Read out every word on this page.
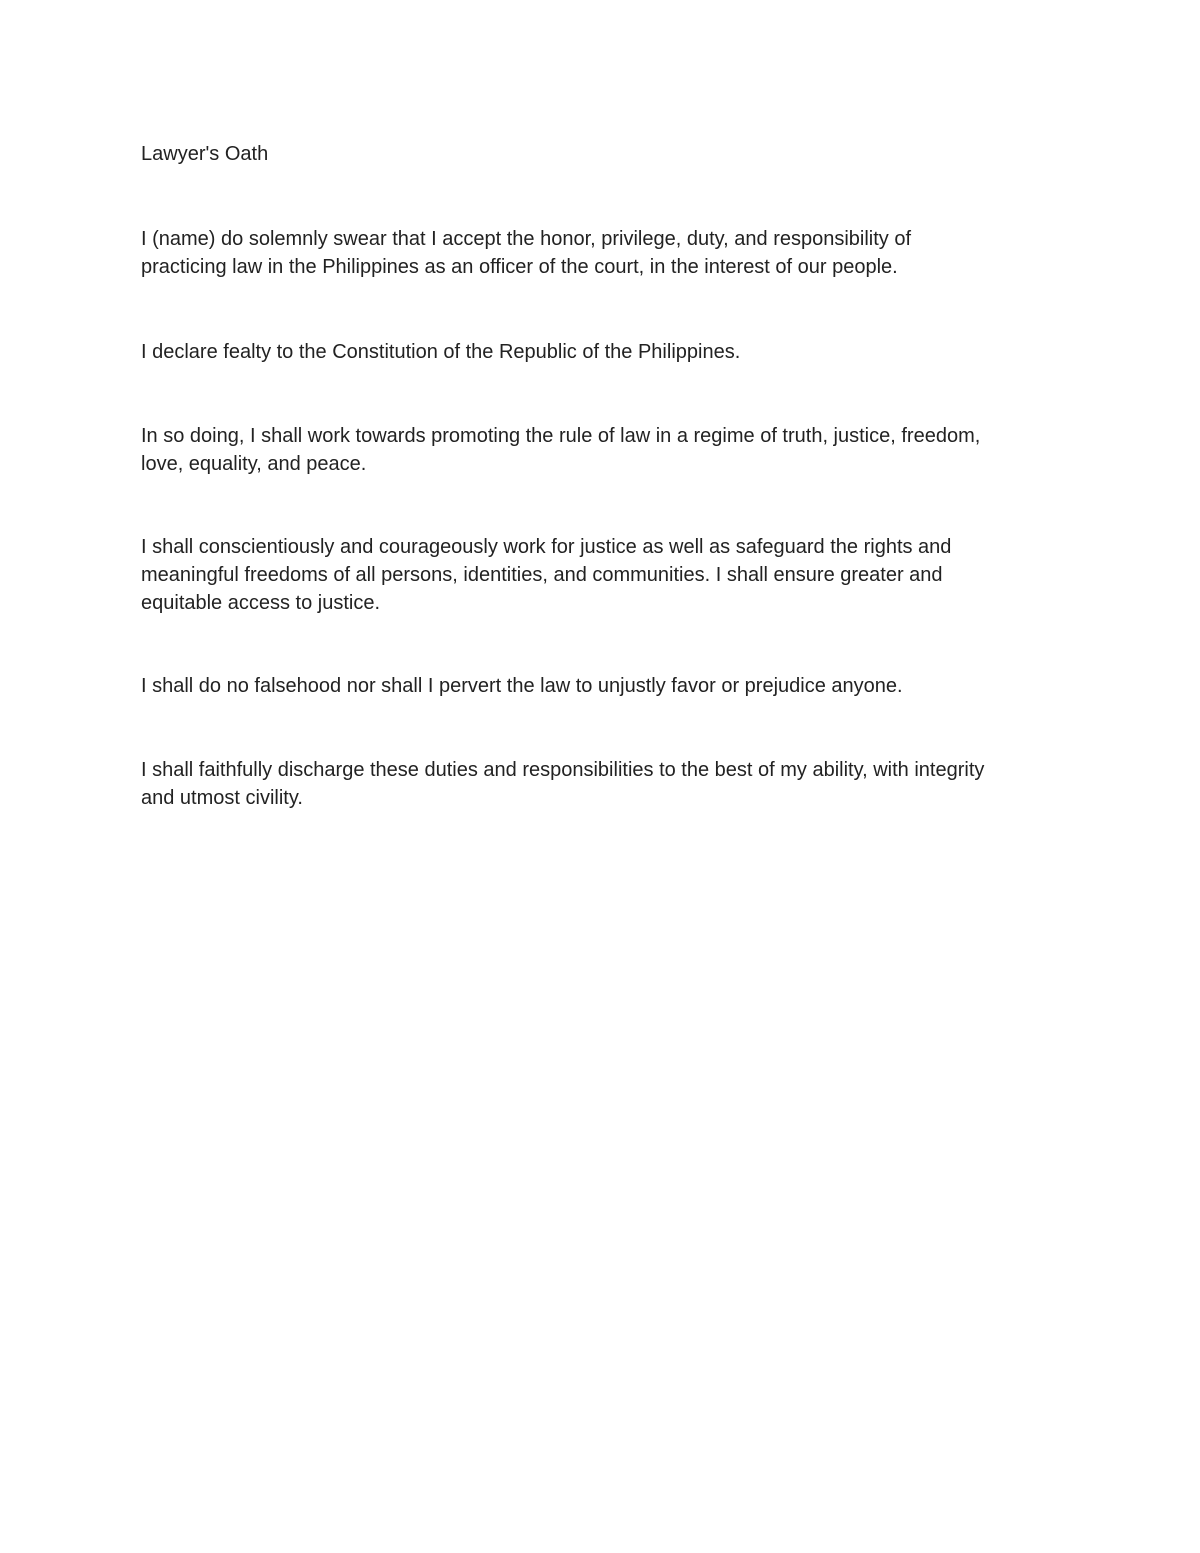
Lawyer's Oath

I (name) do solemnly swear that I accept the honor, privilege, duty, and responsibility of
practicing law in the Philippines as an officer of the court, in the interest of our people.

I declare fealty to the Constitution of the Republic of the Philippines.

In so doing, I shall work towards promoting the rule of law in a regime of truth, justice, freedom,
love, equality, and peace.

I shall conscientiously and courageously work for justice as well as safeguard the rights and
meaningful freedoms of all persons, identities, and communities. I shall ensure greater and
equitable access to justice.

I shall do no falsehood nor shall I pervert the law to unjustly favor or prejudice anyone.

I shall faithfully discharge these duties and responsibilities to the best of my ability, with integrity
and utmost civility.
